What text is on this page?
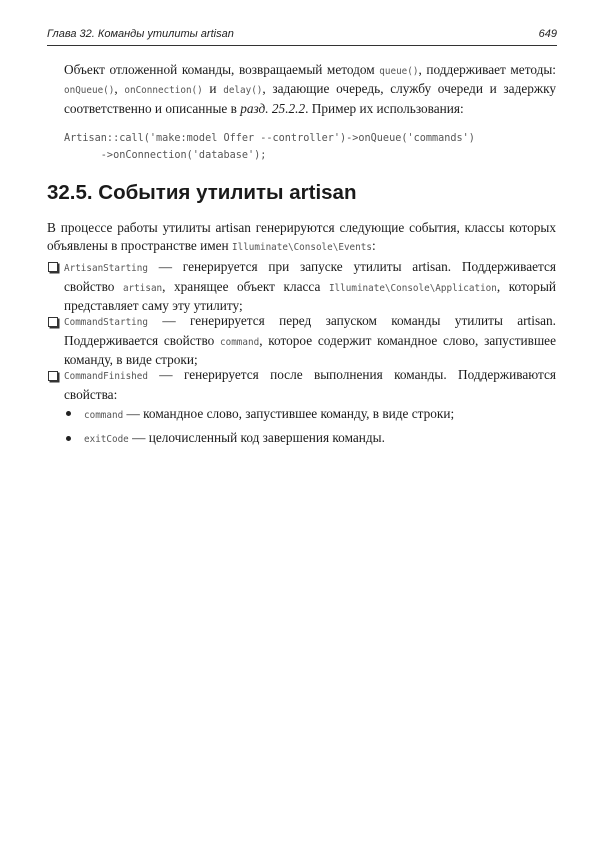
Глава 32. Команды утилиты artisan	649
Объект отложенной команды, возвращаемый методом queue(), поддерживает методы: onQueue(), onConnection() и delay(), задающие очередь, службу очереди и задержку соответственно и описанные в разд. 25.2.2. Пример их использования:
Artisan::call('make:model Offer --controller')->onQueue('commands')
->onConnection('database');
32.5. События утилиты artisan
В процессе работы утилиты artisan генерируются следующие события, классы которых объявлены в пространстве имен Illuminate\Console\Events:
ArtisanStarting — генерируется при запуске утилиты artisan. Поддерживается свойство artisan, хранящее объект класса Illuminate\Console\Application, который представляет саму эту утилиту;
CommandStarting — генерируется перед запуском команды утилиты artisan. Поддерживается свойство command, которое содержит командное слово, запустившее команду, в виде строки;
CommandFinished — генерируется после выполнения команды. Поддерживаются свойства:
command — командное слово, запустившее команду, в виде строки;
exitCode — целочисленный код завершения команды.
